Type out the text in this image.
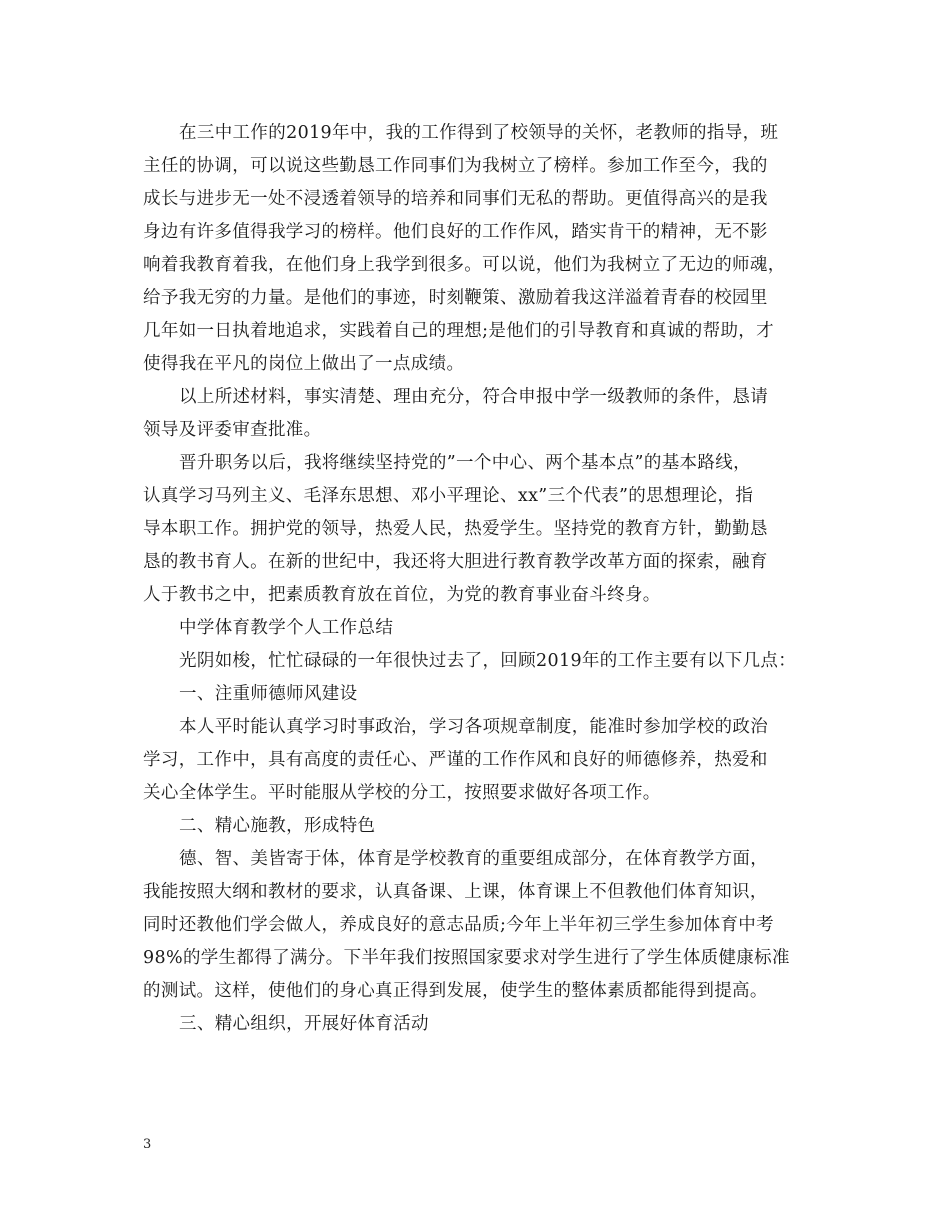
在三中工作的2019年中，我的工作得到了校领导的关怀，老教师的指导，班
主任的协调，可以说这些勤恳工作同事们为我树立了榜样。参加工作至今，我的
成长与进步无一处不浸透着领导的培养和同事们无私的帮助。更值得高兴的是我
身边有许多值得我学习的榜样。他们良好的工作作风，踏实肯干的精神，无不影
响着我教育着我，在他们身上我学到很多。可以说，他们为我树立了无边的师魂，
给予我无穷的力量。是他们的事迹，时刻鞭策、激励着我这洋溢着青春的校园里
几年如一日执着地追求，实践着自己的理想;是他们的引导教育和真诚的帮助，才
使得我在平凡的岗位上做出了一点成绩。
以上所述材料，事实清楚、理由充分，符合申报中学一级教师的条件，恳请
领导及评委审查批准。
晋升职务以后，我将继续坚持党的”一个中心、两个基本点”的基本路线，
认真学习马列主义、毛泽东思想、邓小平理论、xx”三个代表”的思想理论，指
导本职工作。拥护党的领导，热爱人民，热爱学生。坚持党的教育方针，勤勤恳
恳的教书育人。在新的世纪中，我还将大胆进行教育教学改革方面的探索，融育
人于教书之中，把素质教育放在首位，为党的教育事业奋斗终身。
中学体育教学个人工作总结
光阴如梭，忙忙碌碌的一年很快过去了，回顾2019年的工作主要有以下几点：
一、注重师德师风建设
本人平时能认真学习时事政治，学习各项规章制度，能准时参加学校的政治
学习，工作中，具有高度的责任心、严谨的工作作风和良好的师德修养，热爱和
关心全体学生。平时能服从学校的分工，按照要求做好各项工作。
二、精心施教，形成特色
德、智、美皆寄于体，体育是学校教育的重要组成部分，在体育教学方面，
我能按照大纲和教材的要求，认真备课、上课，体育课上不但教他们体育知识，
同时还教他们学会做人，养成良好的意志品质;今年上半年初三学生参加体育中考
98%的学生都得了满分。下半年我们按照国家要求对学生进行了学生体质健康标准
的测试。这样，使他们的身心真正得到发展，使学生的整体素质都能得到提高。
三、精心组织，开展好体育活动
3
